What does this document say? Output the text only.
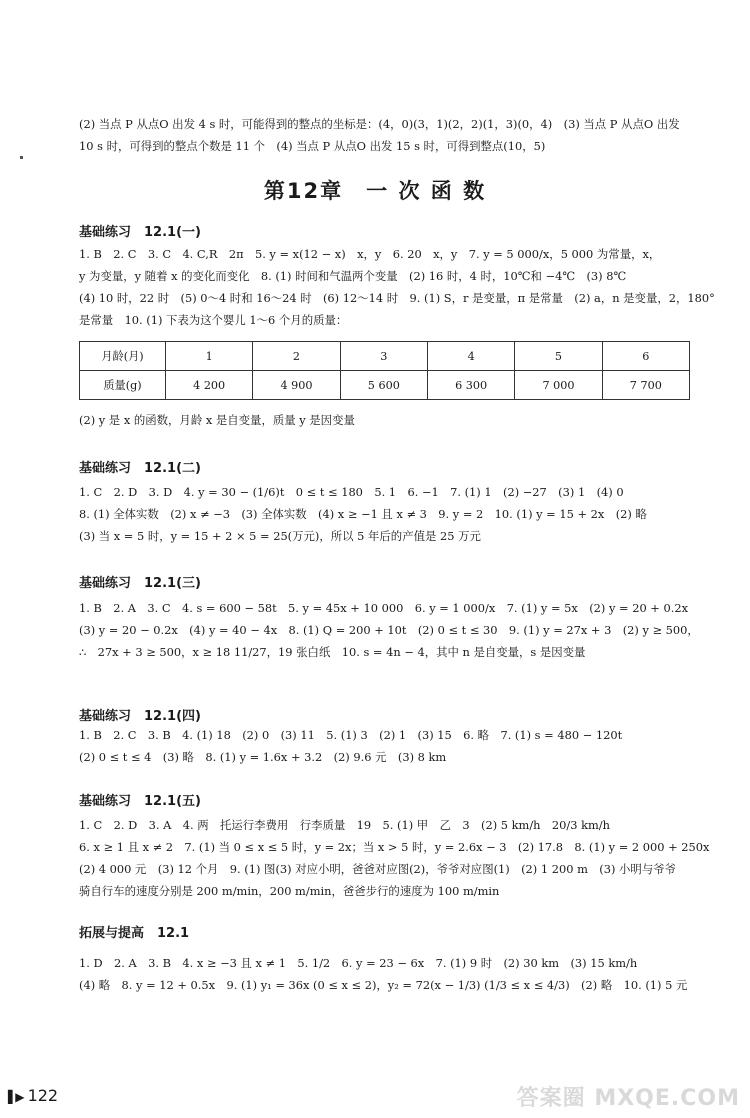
(2) 当点 P 从点O 出发 4 s 时，可能得到的整点的坐标是：(4，0)(3，1)(2，2)(1，3)(0，4)　(3) 当点 P 从点O 出发
10 s 时，可得到的整点个数是 11 个　(4) 当点 P 从点O 出发 15 s 时，可得到整点(10，5)
第12章　一 次 函 数
基础练习　12.1(一)
1. B　2. C　3. C　4. C,R　2π　5. y = x(12 − x)　x，y　6. 20　x，y　7. y = 5 000/x，5 000 为常量，x，
y 为变量，y 随着 x 的变化而变化　8. (1) 时间和气温两个变量　(2) 16 时，4 时，10℃和 −4℃　(3) 8℃
(4) 10 时，22 时　(5) 0～4 时和 16～24 时　(6) 12～14 时　9. (1) S，r 是变量，π 是常量　(2) a，n 是变量，2，180°
是常量　10. (1) 下表为这个婴儿 1～6 个月的质量：
月龄(月)	1	2	3	4	5	6
质量(g)	4 200	4 900	5 600	6 300	7 000	7 700
(2) y 是 x 的函数，月龄 x 是自变量，质量 y 是因变量
基础练习　12.1(二)
1. C　2. D　3. D　4. y = 30 − (1/6)t　0 ≤ t ≤ 180　5. 1　6. −1　7. (1) 1　(2) −27　(3) 1　(4) 0
8. (1) 全体实数　(2) x ≠ −3　(3) 全体实数　(4) x ≥ −1 且 x ≠ 3　9. y = 2　10. (1) y = 15 + 2x　(2) 略
(3) 当 x = 5 时，y = 15 + 2 × 5 = 25(万元)，所以 5 年后的产值是 25 万元
基础练习　12.1(三)
1. B　2. A　3. C　4. s = 600 − 58t　5. y = 45x + 10 000　6. y = 1 000/x　7. (1) y = 5x　(2) y = 20 + 0.2x
(3) y = 20 − 0.2x　(4) y = 40 − 4x　8. (1) Q = 200 + 10t　(2) 0 ≤ t ≤ 30　9. (1) y = 27x + 3　(2) y ≥ 500，
∴　27x + 3 ≥ 500，x ≥ 18 11/27，19 张白纸　10. s = 4n − 4，其中 n 是自变量，s 是因变量
基础练习　12.1(四)
1. B　2. C　3. B　4. (1) 18　(2) 0　(3) 11　5. (1) 3　(2) 1　(3) 15　6. 略　7. (1) s = 480 − 120t
(2) 0 ≤ t ≤ 4　(3) 略　8. (1) y = 1.6x + 3.2　(2) 9.6 元　(3) 8 km
基础练习　12.1(五)
1. C　2. D　3. A　4. 两　托运行李费用　行李质量　19　5. (1) 甲　乙　3　(2) 5 km/h　20/3 km/h
6. x ≥ 1 且 x ≠ 2　7. (1) 当 0 ≤ x ≤ 5 时，y = 2x；当 x > 5 时，y = 2.6x − 3　(2) 17.8　8. (1) y = 2 000 + 250x
(2) 4 000 元　(3) 12 个月　9. (1) 图(3) 对应小明，爸爸对应图(2)，爷爷对应图(1)　(2) 1 200 m　(3) 小明与爷爷
骑自行车的速度分别是 200 m/min，200 m/min，爸爸步行的速度为 100 m/min
拓展与提高　12.1
1. D　2. A　3. B　4. x ≥ −3 且 x ≠ 1　5. 1/2　6. y = 23 − 6x　7. (1) 9 时　(2) 30 km　(3) 15 km/h
(4) 略　8. y = 12 + 0.5x　9. (1) y₁ = 36x (0 ≤ x ≤ 2)，y₂ = 72(x − 1/3) (1/3 ≤ x ≤ 4/3)　(2) 略　10. (1) 5 元
▌▶ 122	答案圈 MXQE.COM
